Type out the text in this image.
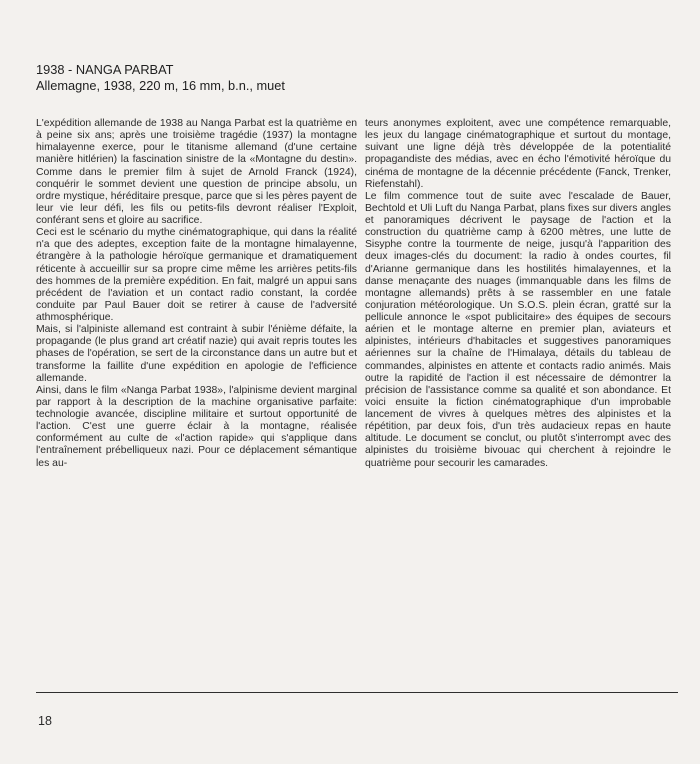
1938 - NANGA PARBAT
Allemagne, 1938, 220 m, 16 mm, b.n., muet

L'expédition allemande de 1938 au Nanga Parbat est la quatrième en à peine six ans; après une troisième tragédie (1937) la montagne himalayenne exerce, pour le titanisme allemand (d'une certaine manière hitlérien) la fascination sinistre de la «Montagne du destin». Comme dans le premier film à sujet de Arnold Franck (1924), conquérir le sommet devient une question de principe absolu, un ordre mystique, héréditaire presque, parce que si les pères payent de leur vie leur défi, les fils ou petits-fils devront réaliser l'Exploit, conférant sens et gloire au sacrifice.

Ceci est le scénario du mythe cinématographique, qui dans la réalité n'a que des adeptes, exception faite de la montagne himalayenne, étrangère à la pathologie héroïque germanique et dramatiquement réticente à accueillir sur sa propre cime même les arrières petits-fils des hommes de la première expédition. En fait, malgré un appui sans précédent de l'aviation et un contact radio constant, la cordée conduite par Paul Bauer doit se retirer à cause de l'adversité athmosphérique.

Mais, si l'alpiniste allemand est contraint à subir l'énième défaite, la propagande (le plus grand art créatif nazie) qui avait repris toutes les phases de l'opération, se sert de la circonstance dans un autre but et transforme la faillite d'une expédition en apologie de l'efficience allemande.

Ainsi, dans le film «Nanga Parbat 1938», l'alpinisme devient marginal par rapport à la description de la machine organisative parfaite: technologie avancée, discipline militaire et surtout opportunité de l'action. C'est une guerre éclair à la montagne, réalisée conformément au culte de «l'action rapide» qui s'applique dans l'entraînement prébelliqueux nazi. Pour ce déplacement sémantique les au-

teurs anonymes exploitent, avec une compétence remarquable, les jeux du langage cinématographique et surtout du montage, suivant une ligne déjà très développée de la potentialité propagandiste des médias, avec en écho l'émotivité héroïque du cinéma de montagne de la décennie précédente (Fanck, Trenker, Riefenstahl).

Le film commence tout de suite avec l'escalade de Bauer, Bechtold et Uli Luft du Nanga Parbat, plans fixes sur divers angles et panoramiques décrivent le paysage de l'action et la construction du quatrième camp à 6200 mètres, une lutte de Sisyphe contre la tourmente de neige, jusqu'à l'apparition des deux images-clés du document: la radio à ondes courtes, fil d'Arianne germanique dans les hostilités himalayennes, et la danse menaçante des nuages (immanquable dans les films de montagne allemands) prêts à se rassembler en une fatale conjuration météorologique. Un S.O.S. plein écran, gratté sur la pellicule annonce le «spot publicitaire» des équipes de secours aérien et le montage alterne en premier plan, aviateurs et alpinistes, intérieurs d'habitacles et suggestives panoramiques aériennes sur la chaîne de l'Himalaya, détails du tableau de commandes, alpinistes en attente et contacts radio animés. Mais outre la rapidité de l'action il est nécessaire de démontrer la précision de l'assistance comme sa qualité et son abondance. Et voici ensuite la fiction cinématographique d'un improbable lancement de vivres à quelques mètres des alpinistes et la répétition, par deux fois, d'un très audacieux repas en haute altitude. Le document se conclut, ou plutôt s'interrompt avec des alpinistes du troisième bivouac qui cherchent à rejoindre le quatrième pour secourir les camarades.

18
